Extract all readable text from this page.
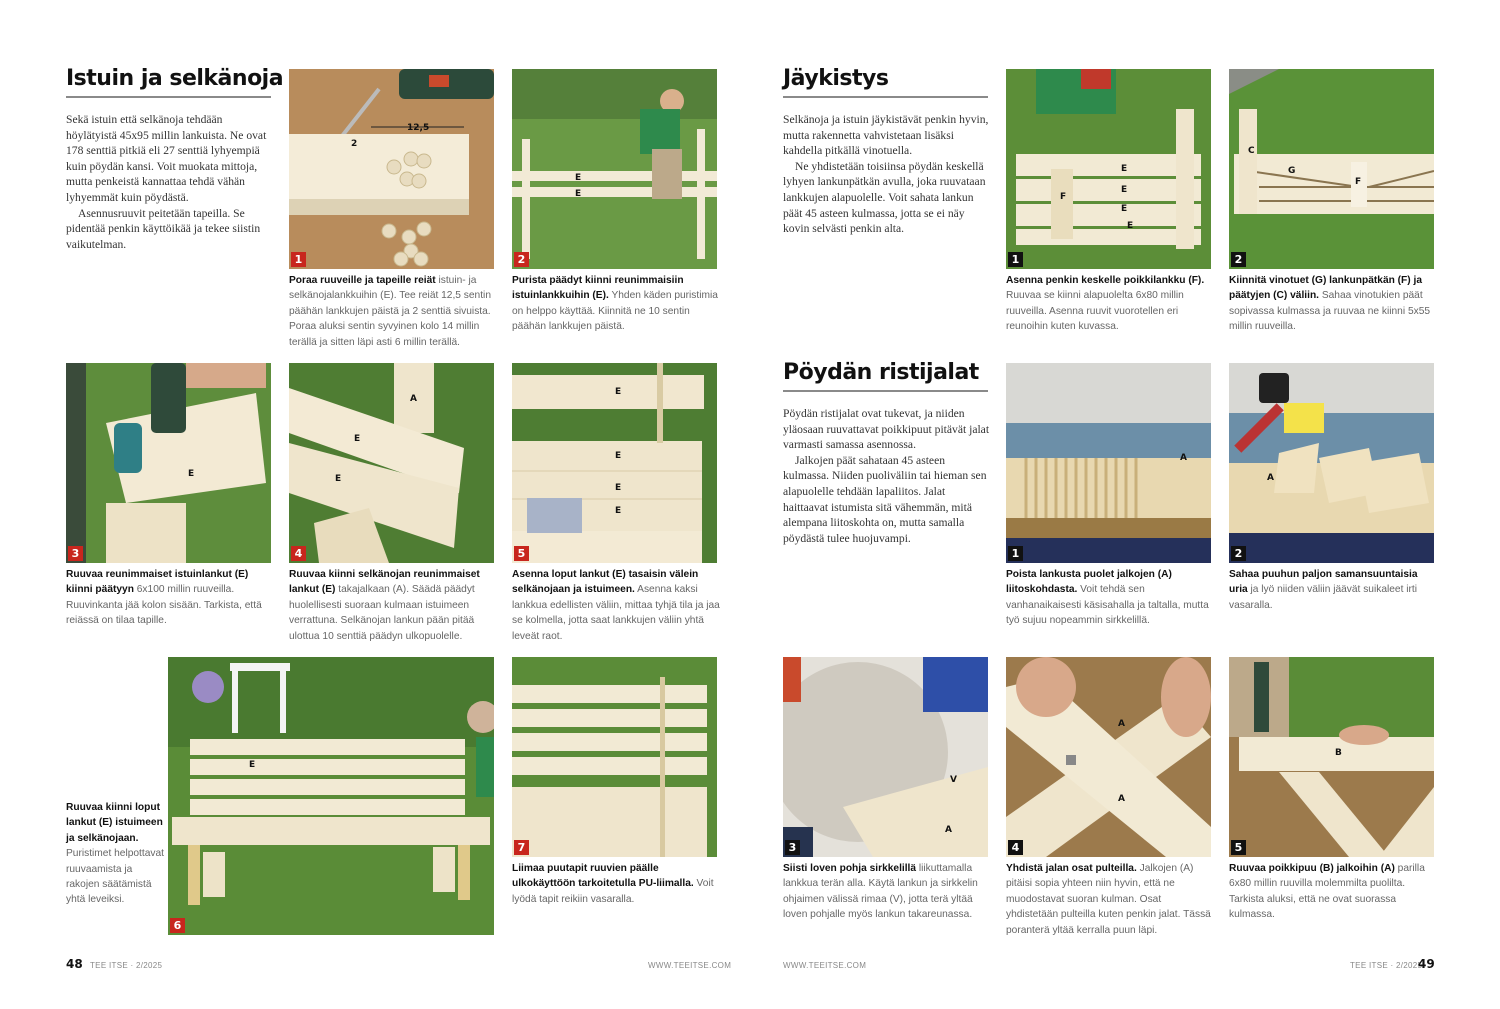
Istuin ja selkänoja

Sekä istuin että selkänoja tehdään höylätyistä 45x95 millin lankuista. Ne ovat 178 senttiä pitkiä eli 27 senttiä lyhyempiä kuin pöydän kansi. Voit muokata mittoja, mutta penkeistä kannattaa tehdä vähän lyhyemmät kuin pöydästä.

Asennusruuvit peitetään tapeilla. Se pidentää penkin käyttöikää ja tekee siistin vaikutelman.

12,5
2
1
Poraa ruuveille ja tapeille reiät istuin- ja selkänojalankkuihin (E). Tee reiät 12,5 sentin päähän lankkujen päistä ja 2 senttiä sivuista. Poraa aluksi sentin syvyinen kolo 14 millin terällä ja sitten läpi asti 6 millin terällä.
E
E
2
Purista päädyt kiinni reunimmaisiin istuinlankkuihin (E). Yhden käden puristimia on helppo käyttää. Kiinnitä ne 10 sentin päähän lankkujen päistä.
E
3
Ruuvaa reunimmaiset istuinlankut (E) kiinni päätyyn 6x100 millin ruuveilla. Ruuvinkanta jää kolon sisään. Tarkista, että reiässä on tilaa tapille.
A
E
E
4
Ruuvaa kiinni selkänojan reunimmaiset lankut (E) takajalkaan (A). Säädä päädyt huolellisesti suoraan kulmaan istuimeen verrattuna. Selkänojan lankun pään pitää ulottua 10 senttiä päädyn ulkopuolelle.
E
E
E
E
5
Asenna loput lankut (E) tasaisin välein selkänojaan ja istuimeen. Asenna kaksi lankkua edellisten väliin, mittaa tyhjä tila ja jaa se kolmella, jotta saat lankkujen väliin yhtä leveät raot.
Ruuvaa kiinni loput lankut (E) istuimeen ja selkänojaan. Puristimet helpottavat ruuvaamista ja rakojen säätämistä yhtä leveiksi.
E
6
7
Liimaa puutapit ruuvien päälle ulkokäyttöön tarkoitetulla PU-liimalla. Voit lyödä tapit reikiin vasaralla.
48 TEE ITSE · 2/2025	WWW.TEEITSE.COM
Jäykistys

Selkänoja ja istuin jäykistävät penkin hyvin, mutta rakennetta vahvistetaan lisäksi kahdella pitkällä vinotuella.

Ne yhdistetään toisiinsa pöydän keskellä lyhyen lankunpätkän avulla, joka ruuvataan lankkujen alapuolelle. Voit sahata lankun päät 45 asteen kulmassa, jotta se ei näy kovin selvästi penkin alta.

E
E
E
E
F
1
Asenna penkin keskelle poikkilankku (F). Ruuvaa se kiinni alapuolelta 6x80 millin ruuveilla. Asenna ruuvit vuorotellen eri reunoihin kuten kuvassa.
C
G
F
2
Kiinnitä vinotuet (G) lankunpätkän (F) ja päätyjen (C) väliin. Sahaa vinotukien päät sopivassa kulmassa ja ruuvaa ne kiinni 5x55 millin ruuveilla.
Pöydän ristijalat

Pöydän ristijalat ovat tukevat, ja niiden yläosaan ruuvattavat poikkipuut pitävät jalat varmasti samassa asennossa.

Jalkojen päät sahataan 45 asteen kulmassa. Niiden puoliväliin tai hieman sen alapuolelle tehdään lapaliitos. Jalat haittaavat istumista sitä vähemmän, mitä alempana liitoskohta on, mutta samalla pöydästä tulee huojuvampi.

A
1
Poista lankusta puolet jalkojen (A) liitoskohdasta. Voit tehdä sen vanhanaikaisesti käsisahalla ja taltalla, mutta työ sujuu nopeammin sirkkelillä.
A
2
Sahaa puuhun paljon samansuuntaisia uria ja lyö niiden väliin jäävät suikaleet irti vasaralla.
V
A
3
Siisti loven pohja sirkkelillä liikuttamalla lankkua terän alla. Käytä lankun ja sirkkelin ohjaimen välissä rimaa (V), jotta terä yltää loven pohjalle myös lankun takareunassa.
A
A
4
Yhdistä jalan osat pulteilla. Jalkojen (A) pitäisi sopia yhteen niin hyvin, että ne muodostavat suoran kulman. Osat yhdistetään pulteilla kuten penkin jalat. Tässä poranterä yltää kerralla puun läpi.
B
5
Ruuvaa poikkipuu (B) jalkoihin (A) parilla 6x80 millin ruuvilla molemmilta puolilta. Tarkista aluksi, että ne ovat suorassa kulmassa.
WWW.TEEITSE.COM	TEE ITSE · 2/2025
49
